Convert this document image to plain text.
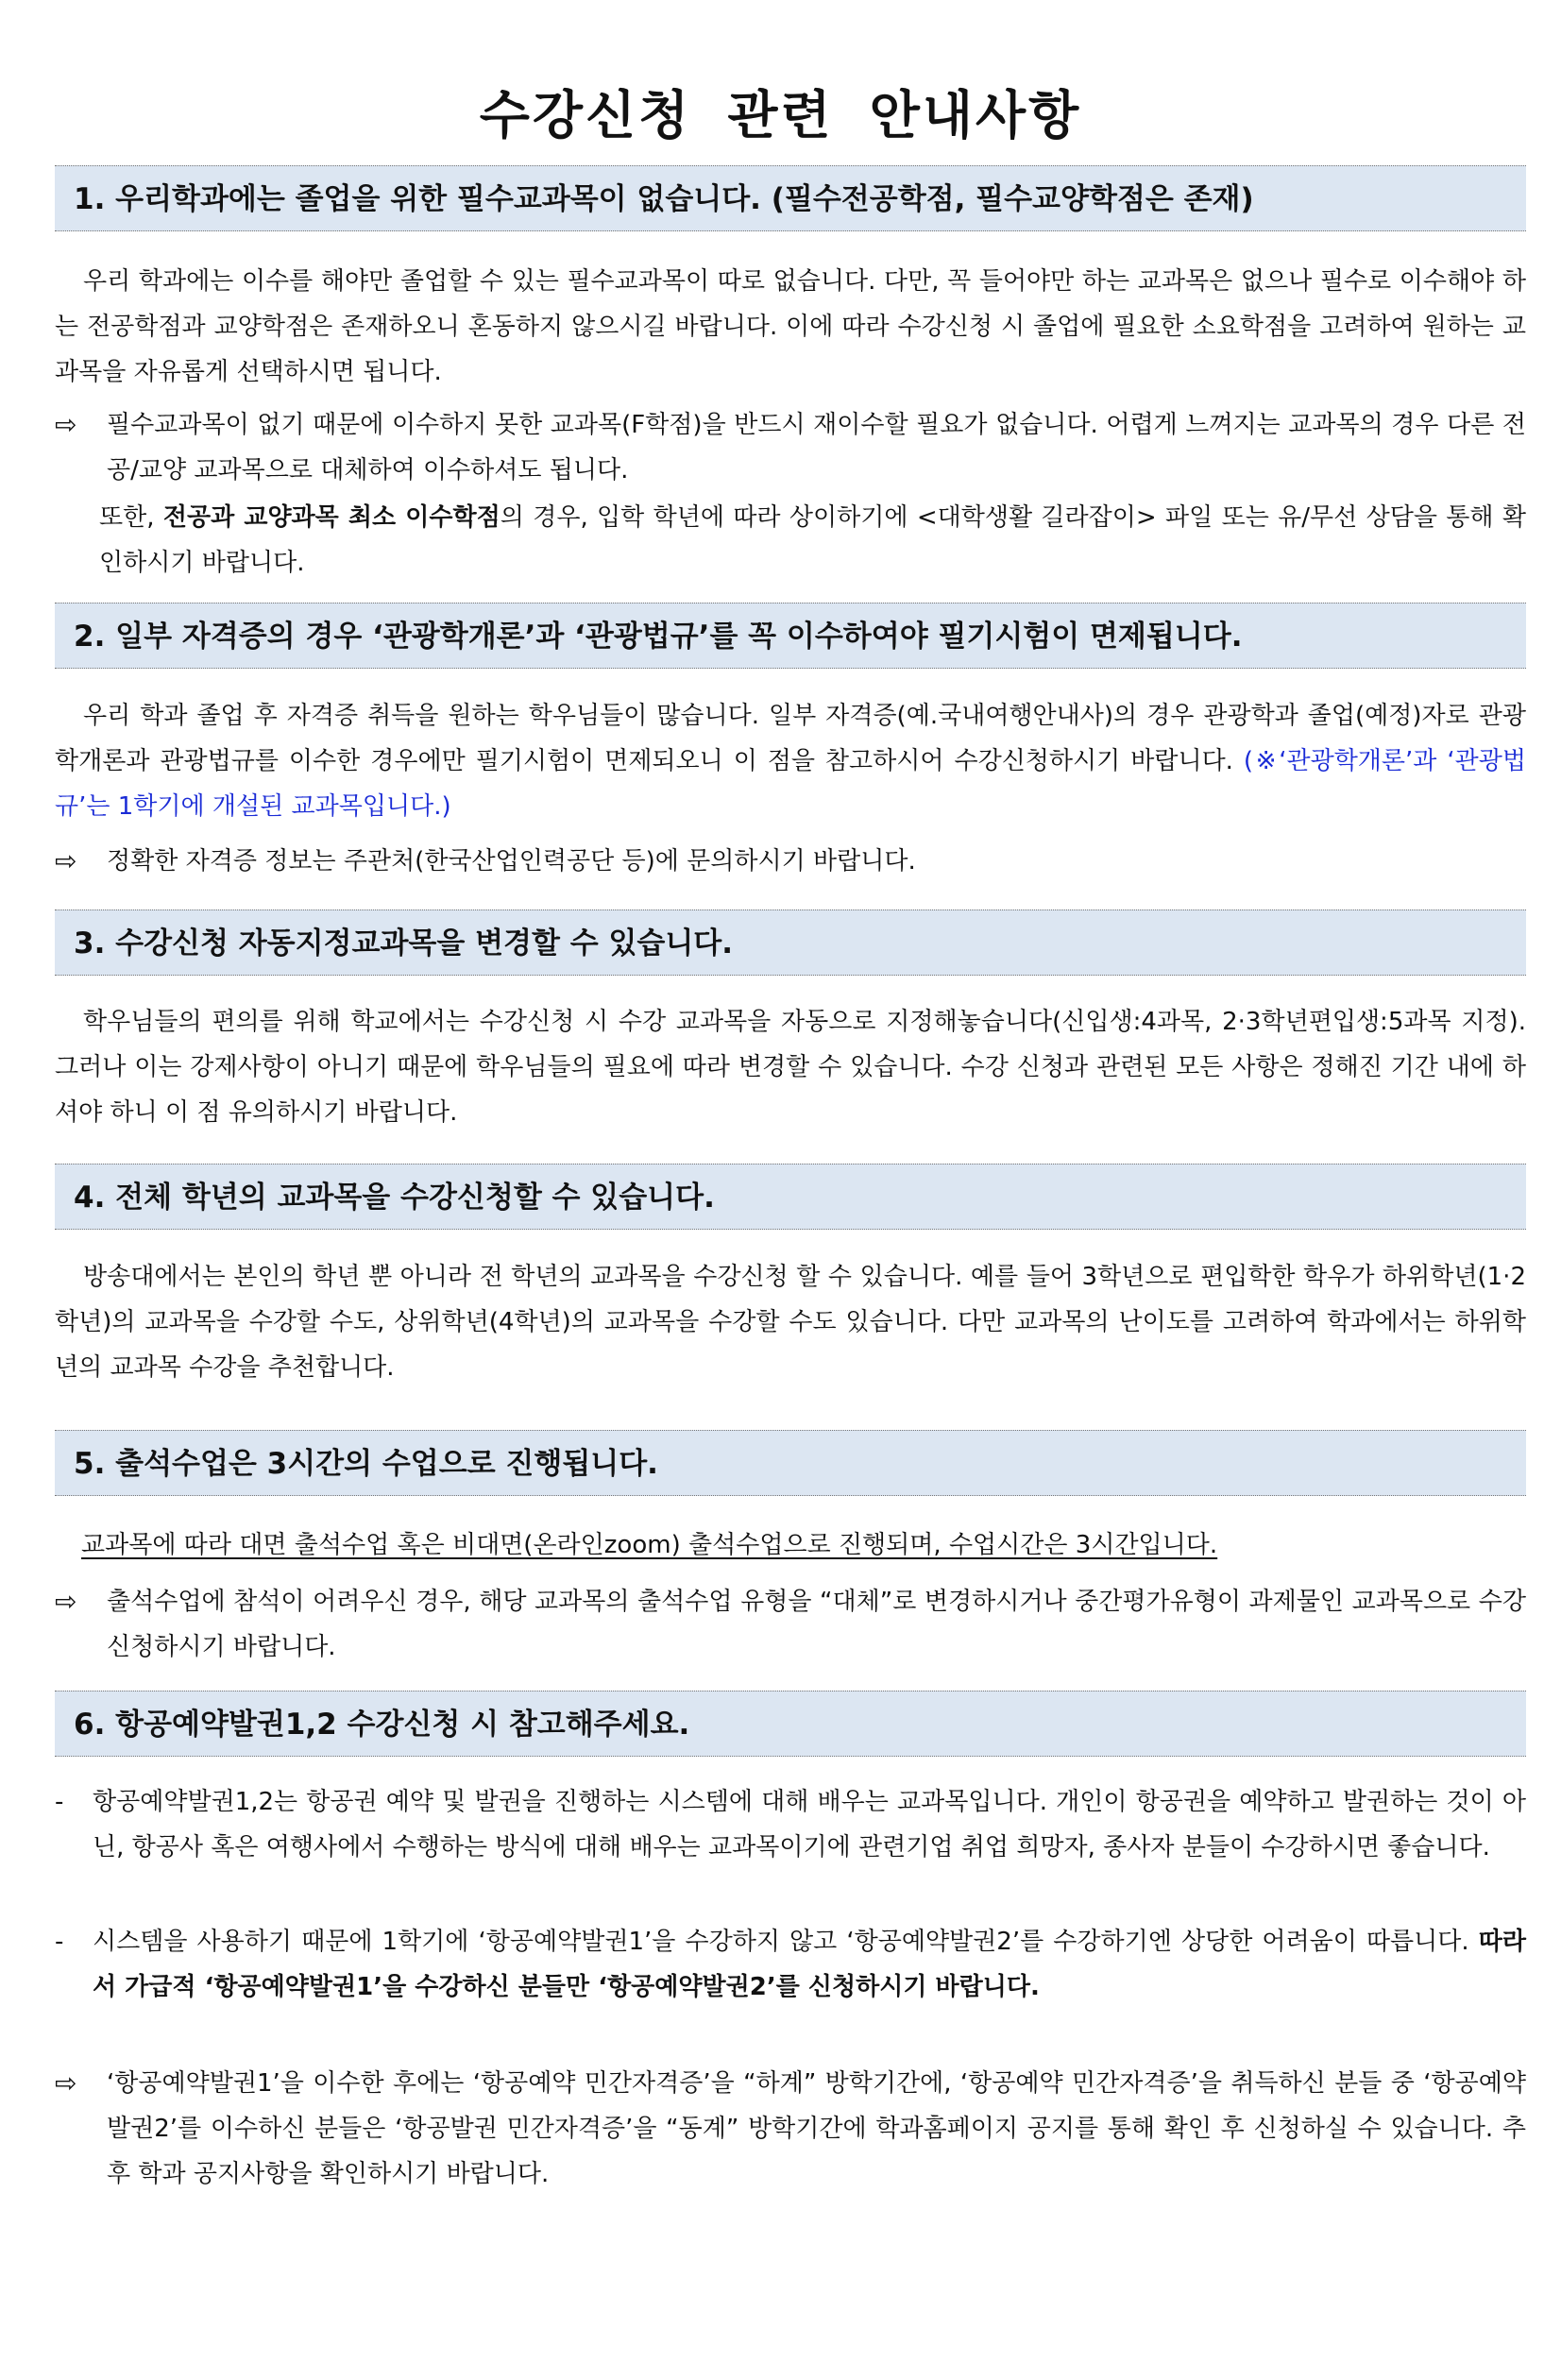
수강신청 관련 안내사항
1. 우리학과에는 졸업을 위한 필수교과목이 없습니다. (필수전공학점, 필수교양학점은 존재)
우리 학과에는 이수를 해야만 졸업할 수 있는 필수교과목이 따로 없습니다. 다만, 꼭 들어야만 하는 교과목은 없으나 필수로 이수해야 하는 전공학점과 교양학점은 존재하오니 혼동하지 않으시길 바랍니다. 이에 따라 수강신청 시 졸업에 필요한 소요학점을 고려하여 원하는 교과목을 자유롭게 선택하시면 됩니다.
⇨ 필수교과목이 없기 때문에 이수하지 못한 교과목(F학점)을 반드시 재이수할 필요가 없습니다. 어렵게 느껴지는 교과목의 경우 다른 전공/교양 교과목으로 대체하여 이수하셔도 됩니다.
또한, 전공과 교양과목 최소 이수학점의 경우, 입학 학년에 따라 상이하기에 <대학생활 길라잡이> 파일 또는 유/무선 상담을 통해 확인하시기 바랍니다.
2. 일부 자격증의 경우 ‘관광학개론’과 ‘관광법규’를 꼭 이수하여야 필기시험이 면제됩니다.
우리 학과 졸업 후 자격증 취득을 원하는 학우님들이 많습니다. 일부 자격증(예.국내여행안내사)의 경우 관광학과 졸업(예정)자로 관광학개론과 관광법규를 이수한 경우에만 필기시험이 면제되오니 이 점을 참고하시어 수강신청하시기 바랍니다. (※‘관광학개론’과 ‘관광법규’는 1학기에 개설된 교과목입니다.)
⇨ 정확한 자격증 정보는 주관처(한국산업인력공단 등)에 문의하시기 바랍니다.
3. 수강신청 자동지정교과목을 변경할 수 있습니다.
학우님들의 편의를 위해 학교에서는 수강신청 시 수강 교과목을 자동으로 지정해놓습니다(신입생:4과목, 2·3학년편입생:5과목 지정). 그러나 이는 강제사항이 아니기 때문에 학우님들의 필요에 따라 변경할 수 있습니다. 수강 신청과 관련된 모든 사항은 정해진 기간 내에 하셔야 하니 이 점 유의하시기 바랍니다.
4. 전체 학년의 교과목을 수강신청할 수 있습니다.
방송대에서는 본인의 학년 뿐 아니라 전 학년의 교과목을 수강신청 할 수 있습니다. 예를 들어 3학년으로 편입학한 학우가 하위학년(1·2학년)의 교과목을 수강할 수도, 상위학년(4학년)의 교과목을 수강할 수도 있습니다. 다만 교과목의 난이도를 고려하여 학과에서는 하위학년의 교과목 수강을 추천합니다.
5. 출석수업은 3시간의 수업으로 진행됩니다.
교과목에 따라 대면 출석수업 혹은 비대면(온라인zoom) 출석수업으로 진행되며, 수업시간은 3시간입니다.
⇨ 출석수업에 참석이 어려우신 경우, 해당 교과목의 출석수업 유형을 “대체”로 변경하시거나 중간평가유형이 과제물인 교과목으로 수강신청하시기 바랍니다.
6. 항공예약발권1,2 수강신청 시 참고해주세요.
- 항공예약발권1,2는 항공권 예약 및 발권을 진행하는 시스템에 대해 배우는 교과목입니다. 개인이 항공권을 예약하고 발권하는 것이 아닌, 항공사 혹은 여행사에서 수행하는 방식에 대해 배우는 교과목이기에 관련기업 취업 희망자, 종사자 분들이 수강하시면 좋습니다.
- 시스템을 사용하기 때문에 1학기에 ‘항공예약발권1’을 수강하지 않고 ‘항공예약발권2’를 수강하기엔 상당한 어려움이 따릅니다. 따라서 가급적 ‘항공예약발권1’을 수강하신 분들만 ‘항공예약발권2’를 신청하시기 바랍니다.
⇨ ‘항공예약발권1’을 이수한 후에는 ‘항공예약 민간자격증’을 “하계” 방학기간에, ‘항공예약 민간자격증’을 취득하신 분들 중 ‘항공예약발권2’를 이수하신 분들은 ‘항공발권 민간자격증’을 “동계” 방학기간에 학과홈페이지 공지를 통해 확인 후 신청하실 수 있습니다. 추후 학과 공지사항을 확인하시기 바랍니다.
